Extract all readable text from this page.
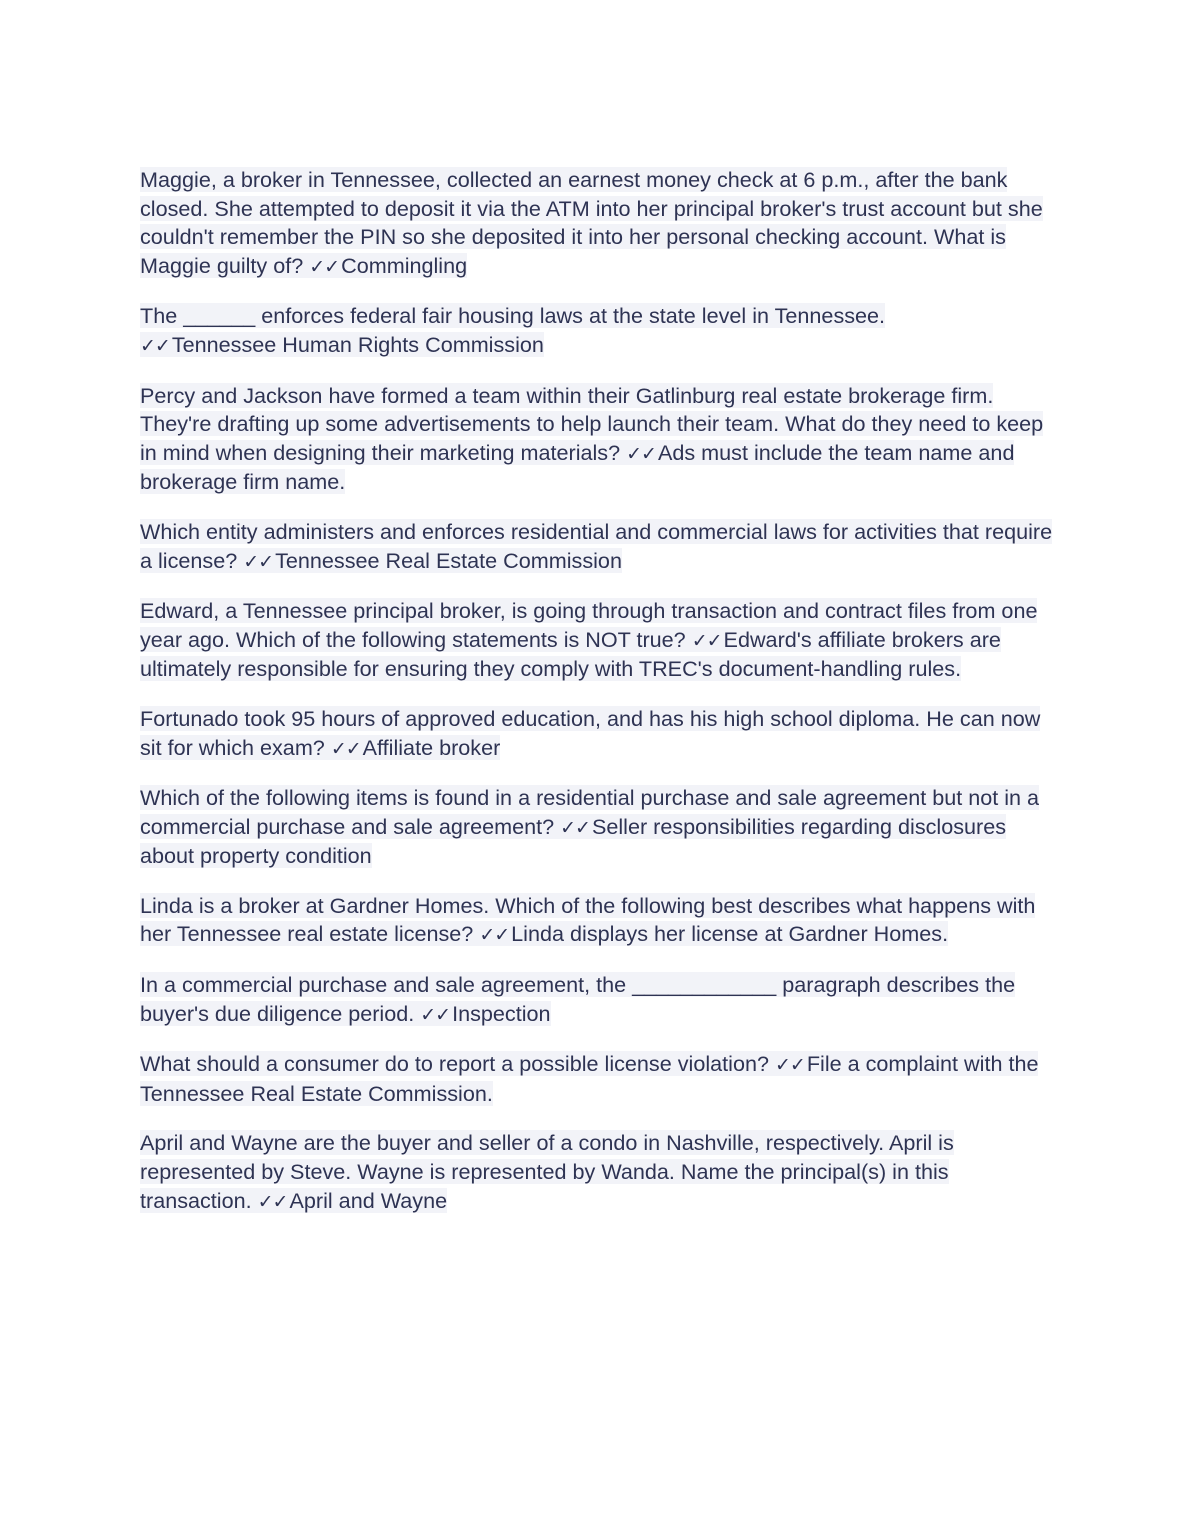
Maggie, a broker in Tennessee, collected an earnest money check at 6 p.m., after the bank closed. She attempted to deposit it via the ATM into her principal broker's trust account but she couldn't remember the PIN so she deposited it into her personal checking account. What is Maggie guilty of? ✓✓Commingling

The ______ enforces federal fair housing laws at the state level in Tennessee.
✓✓Tennessee Human Rights Commission

Percy and Jackson have formed a team within their Gatlinburg real estate brokerage firm. They're drafting up some advertisements to help launch their team. What do they need to keep in mind when designing their marketing materials? ✓✓Ads must include the team name and brokerage firm name.

Which entity administers and enforces residential and commercial laws for activities that require a license? ✓✓Tennessee Real Estate Commission

Edward, a Tennessee principal broker, is going through transaction and contract files from one year ago. Which of the following statements is NOT true? ✓✓Edward's affiliate brokers are ultimately responsible for ensuring they comply with TREC's document-handling rules.

Fortunado took 95 hours of approved education, and has his high school diploma. He can now sit for which exam? ✓✓Affiliate broker

Which of the following items is found in a residential purchase and sale agreement but not in a commercial purchase and sale agreement? ✓✓Seller responsibilities regarding disclosures about property condition

Linda is a broker at Gardner Homes. Which of the following best describes what happens with her Tennessee real estate license? ✓✓Linda displays her license at Gardner Homes.

In a commercial purchase and sale agreement, the ____________ paragraph describes the buyer's due diligence period. ✓✓Inspection

What should a consumer do to report a possible license violation? ✓✓File a complaint with the Tennessee Real Estate Commission.

April and Wayne are the buyer and seller of a condo in Nashville, respectively. April is represented by Steve. Wayne is represented by Wanda. Name the principal(s) in this transaction. ✓✓April and Wayne
